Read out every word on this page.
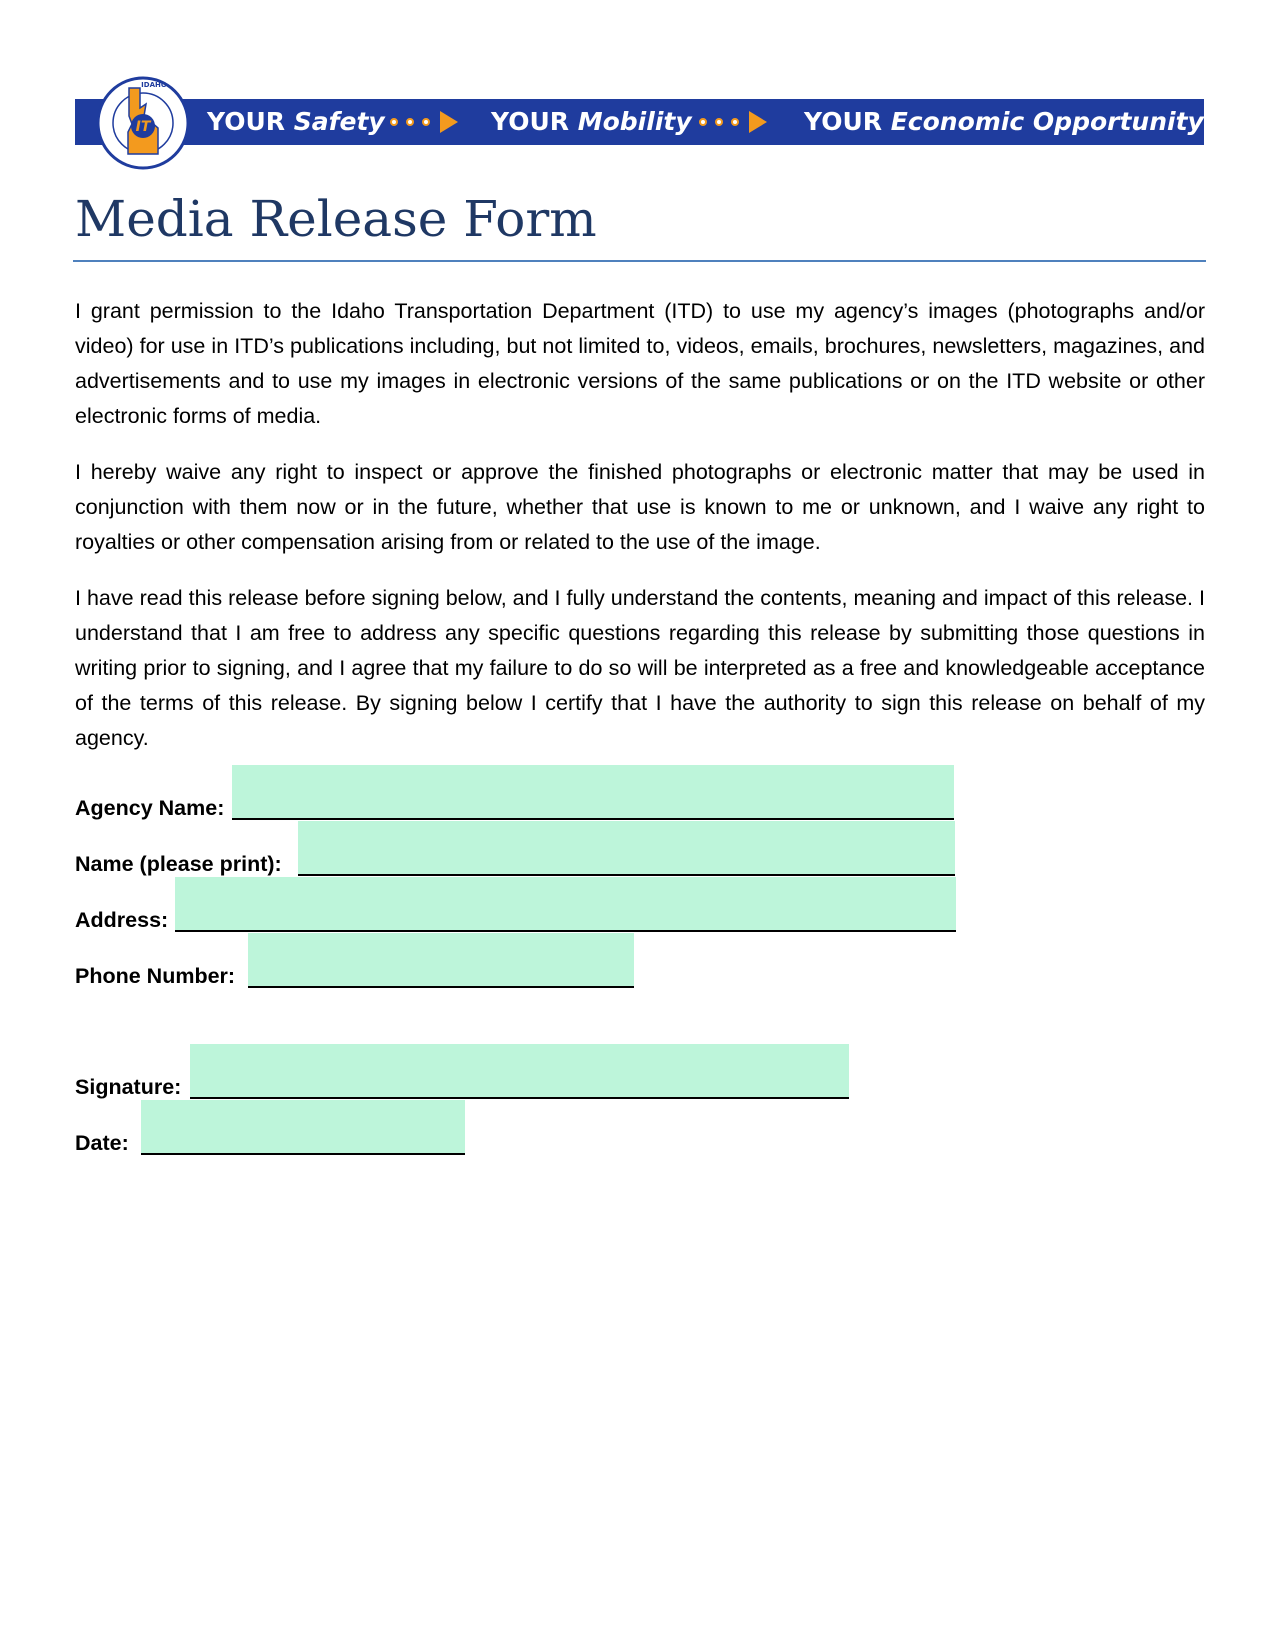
IT
IDAHO
YOUR Safety	YOUR Mobility	YOUR Economic Opportunity
Media Release Form
I grant permission to the Idaho Transportation Department (ITD) to use my agency’s images (photographs and/or video) for use in ITD’s publications including, but not limited to, videos, emails, brochures, newsletters, magazines, and advertisements and to use my images in electronic versions of the same publications or on the ITD website or other electronic forms of media.
I hereby waive any right to inspect or approve the finished photographs or electronic matter that may be used in conjunction with them now or in the future, whether that use is known to me or unknown, and I waive any right to royalties or other compensation arising from or related to the use of the image.
I have read this release before signing below, and I fully understand the contents, meaning and impact of this release. I understand that I am free to address any specific questions regarding this release by submitting those questions in writing prior to signing, and I agree that my failure to do so will be interpreted as a free and knowledgeable acceptance of the terms of this release. By signing below I certify that I have the authority to sign this release on behalf of my agency.
Agency Name:
Name (please print):
Address:
Phone Number:
Signature:
Date:
